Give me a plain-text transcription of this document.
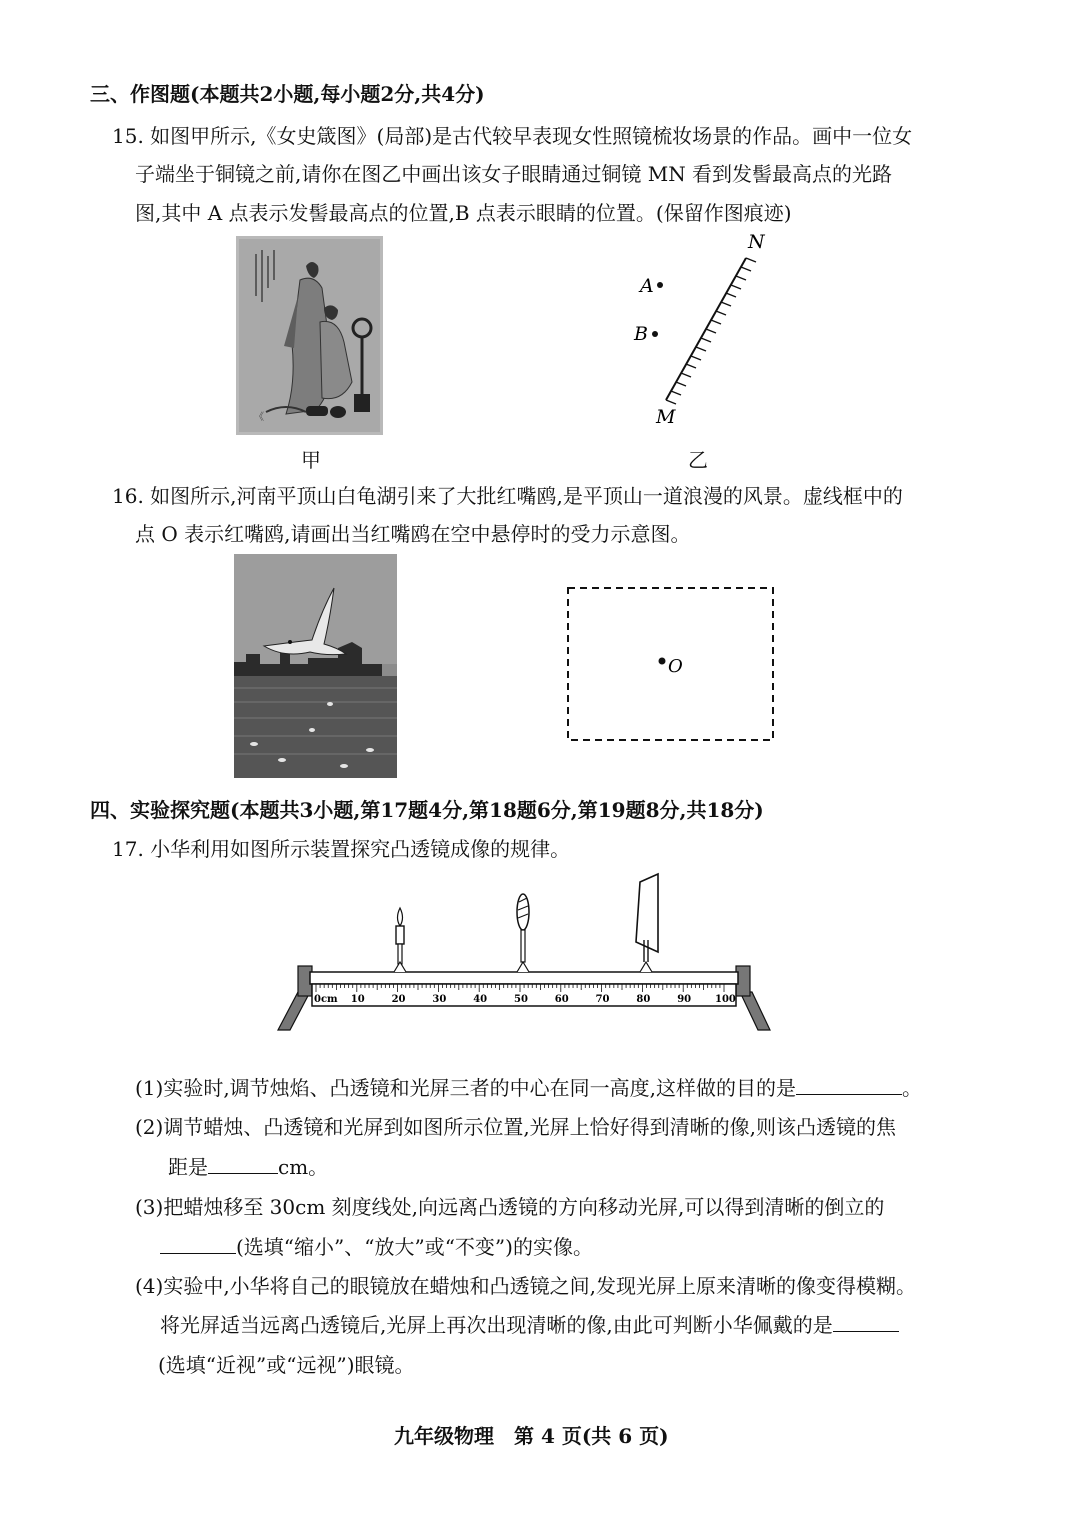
三、作图题(本题共2小题,每小题2分,共4分)
15. 如图甲所示,《女史箴图》(局部)是古代较早表现女性照镜梳妆场景的作品。画中一位女
子端坐于铜镜之前,请你在图乙中画出该女子眼睛通过铜镜 MN 看到发髻最高点的光路
图,其中 A 点表示发髻最高点的位置,B 点表示眼睛的位置。(保留作图痕迹)
《
甲
N
M
A
B
乙
16. 如图所示,河南平顶山白龟湖引来了大批红嘴鸥,是平顶山一道浪漫的风景。虚线框中的
点 O 表示红嘴鸥,请画出当红嘴鸥在空中悬停时的受力示意图。
O
四、实验探究题(本题共3小题,第17题4分,第18题6分,第19题8分,共18分)
17. 小华利用如图所示装置探究凸透镜成像的规律。
0cm 10	20	30	40	50	60	70	80	90 100
(1)实验时,调节烛焰、凸透镜和光屏三者的中心在同一高度,这样做的目的是	。
(2)调节蜡烛、凸透镜和光屏到如图所示位置,光屏上恰好得到清晰的像,则该凸透镜的焦
距是	cm。
(3)把蜡烛移至 30cm 刻度线处,向远离凸透镜的方向移动光屏,可以得到清晰的倒立的
(选填“缩小”、“放大”或“不变”)的实像。
(4)实验中,小华将自己的眼镜放在蜡烛和凸透镜之间,发现光屏上原来清晰的像变得模糊。
将光屏适当远离凸透镜后,光屏上再次出现清晰的像,由此可判断小华佩戴的是
(选填“近视”或“远视”)眼镜。
九年级物理　第 4 页(共 6 页)
